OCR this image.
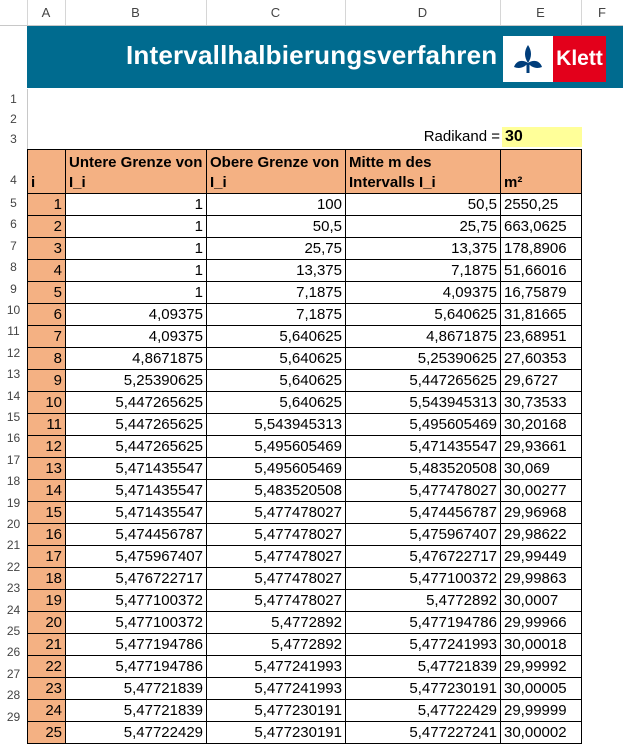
A	B	C	D	E	F
1
2
3
4
5
6
7
8
9
10
11
12
13
14
15
16
17
18
19
20
21
22
23
24
25
26
27
28
29
Intervallhalbierungsverfahren	Klett
Radikand = 30
i	Untere Grenze von I_i	Obere Grenze von I_i	Mitte m des Intervalls I_i	m²
1	1	100	50,5	2550,25
2	1	50,5	25,75	663,0625
3	1	25,75	13,375	178,8906
4	1	13,375	7,1875	51,66016
5	1	7,1875	4,09375	16,75879
6	4,09375	7,1875	5,640625	31,81665
7	4,09375	5,640625	4,8671875	23,68951
8	4,8671875	5,640625	5,25390625	27,60353
9	5,25390625	5,640625	5,447265625	29,6727
10	5,447265625	5,640625	5,543945313	30,73533
11	5,447265625	5,543945313	5,495605469	30,20168
12	5,447265625	5,495605469	5,471435547	29,93661
13	5,471435547	5,495605469	5,483520508	30,069
14	5,471435547	5,483520508	5,477478027	30,00277
15	5,471435547	5,477478027	5,474456787	29,96968
16	5,474456787	5,477478027	5,475967407	29,98622
17	5,475967407	5,477478027	5,476722717	29,99449
18	5,476722717	5,477478027	5,477100372	29,99863
19	5,477100372	5,477478027	5,4772892	30,0007
20	5,477100372	5,4772892	5,477194786	29,99966
21	5,477194786	5,4772892	5,477241993	30,00018
22	5,477194786	5,477241993	5,47721839	29,99992
23	5,47721839	5,477241993	5,477230191	30,00005
24	5,47721839	5,477230191	5,47722429	29,99999
25	5,47722429	5,477230191	5,477227241	30,00002
